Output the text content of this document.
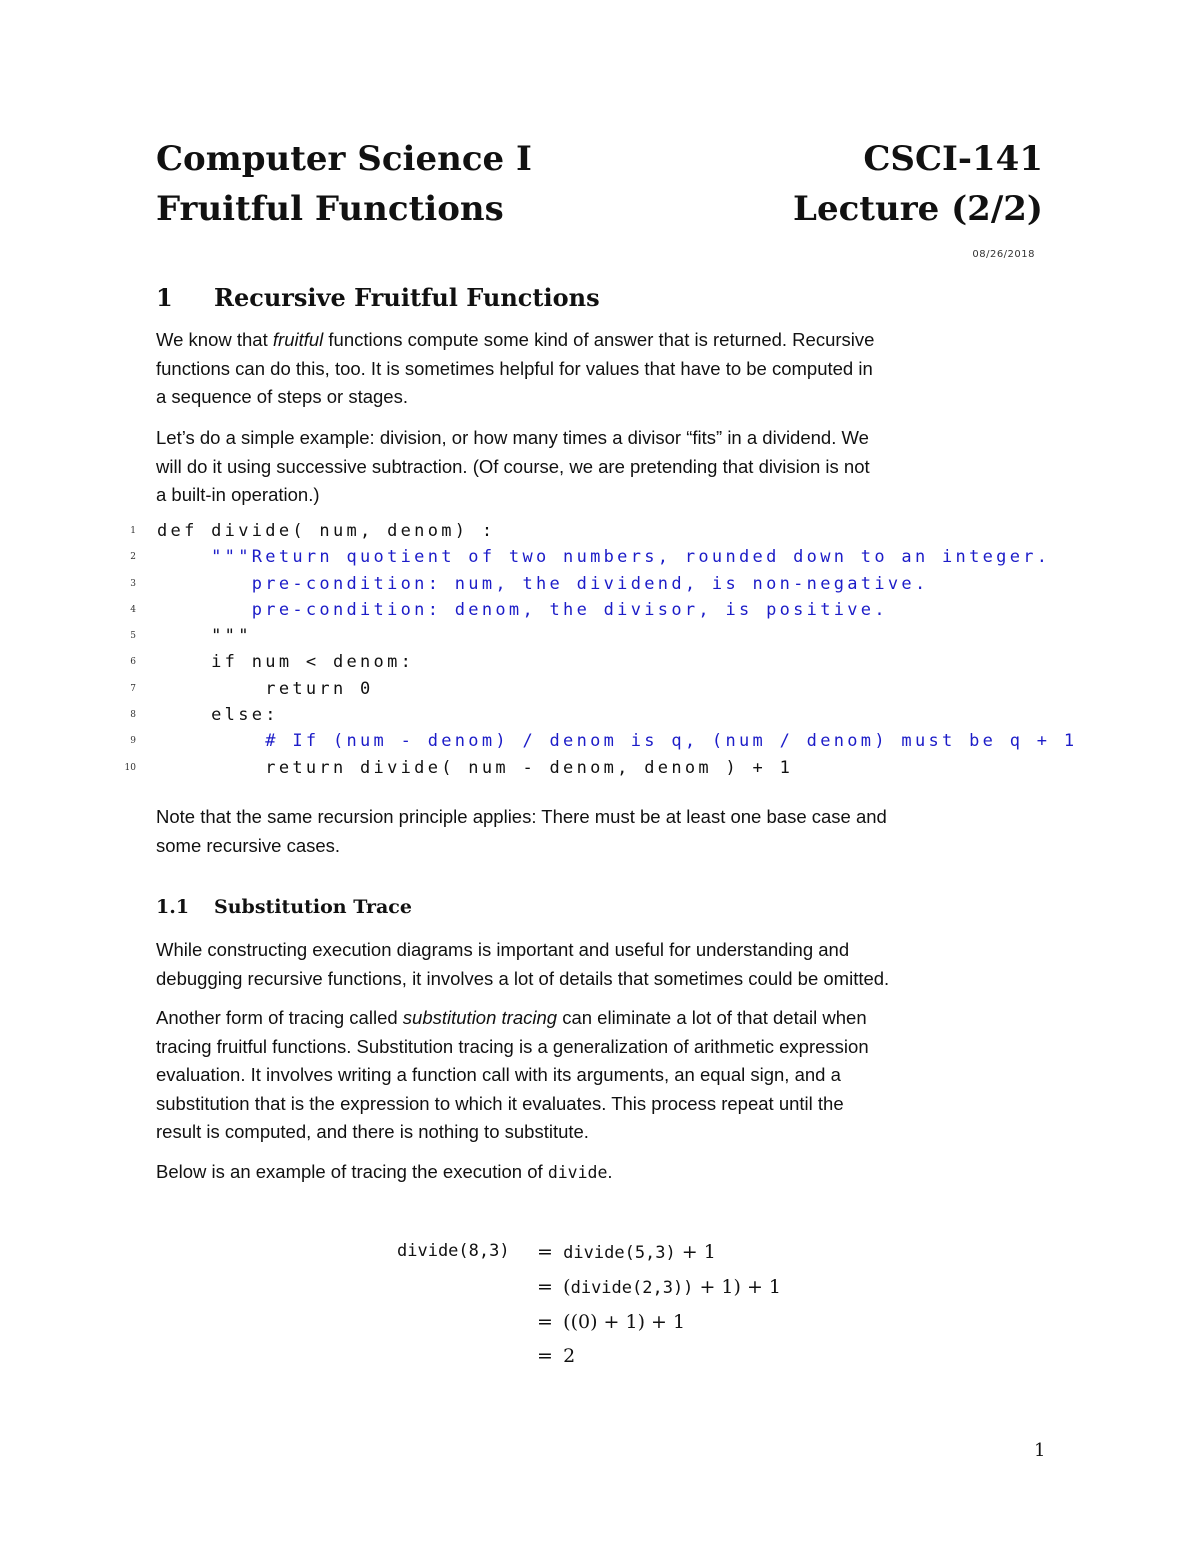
Computer Science I	CSCI-141
Fruitful Functions	Lecture (2/2)
08/26/2018
1 Recursive Fruitful Functions
We know that fruitful functions compute some kind of answer that is returned. Recursive
functions can do this, too. It is sometimes helpful for values that have to be computed in
a sequence of steps or stages.
Let’s do a simple example: division, or how many times a divisor “fits” in a dividend. We
will do it using successive subtraction. (Of course, we are pretending that division is not
a built-in operation.)
1 def divide( num, denom) :
2 """Return quotient of two numbers, rounded down to an integer.
3 pre-condition: num, the dividend, is non-negative.
4 pre-condition: denom, the divisor, is positive.
5 """
6 if num < denom:
7 return 0
8 else:
9 # If (num - denom) / denom is q, (num / denom) must be q + 1
10 return divide( num - denom, denom ) + 1
Note that the same recursion principle applies: There must be at least one base case and
some recursive cases.
1.1 Substitution Trace
While constructing execution diagrams is important and useful for understanding and
debugging recursive functions, it involves a lot of details that sometimes could be omitted.
Another form of tracing called substitution tracing can eliminate a lot of that detail when
tracing fruitful functions. Substitution tracing is a generalization of arithmetic expression
evaluation. It involves writing a function call with its arguments, an equal sign, and a
substitution that is the expression to which it evaluates. This process repeat until the
result is computed, and there is nothing to substitute.
Below is an example of tracing the execution of divide.
divide(8,3) = divide(5,3) + 1
= (divide(2,3)) + 1) + 1
= ((0) + 1) + 1
= 2
1
